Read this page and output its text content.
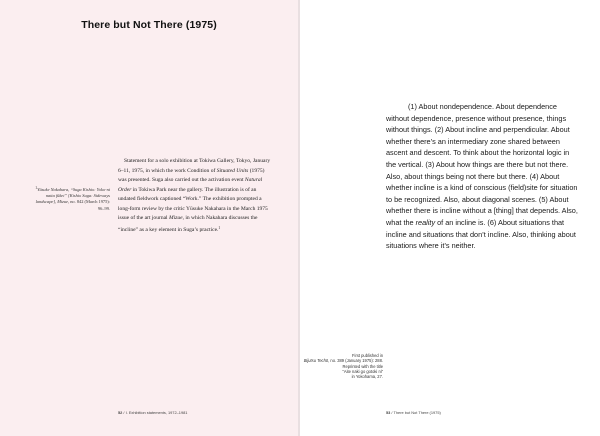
There but Not There (1975)
$^1$Yūsuke Nakahara, “Suga Kishio: Yoko-ni natta fūkei” [Kishio Suga: Sideways landscape], Mizue, no. 842 (March 1975): 96–99.

Statement for a solo exhibition at Tokiwa Gallery, Tokyo, January 6–11, 1975, in which the work Condition of Situated Units (1975) was presented. Suga also carried out the activation event Natural Order in Tokiwa Park near the gallery. The illustration is of an undated fieldwork captioned “Work.” The exhibition prompted a long-form review by the critic Yūsuke Nakahara in the March 1975 issue of the art journal Mizue, in which Nakahara discusses the “incline” as a key element in Suga’s practice.$^1$

52 / I. Exhibition statements, 1972–1981

(1) About nondependence. About dependence without dependence, presence without presence, things without things. (2) About incline and perpendicular. About whether there’s an intermediary zone shared between ascent and descent. To think about the horizontal logic in the vertical. (3) About how things are there but not there. Also, about things being not there but there. (4) About whether incline is a kind of conscious (field)site for situation to be recognized. Also, about diagonal scenes. (5) About whether there is incline without a [thing] that depends. Also, what the reality of an incline is. (6) About situations that incline and situations that don’t incline. Also, thinking about situations where it’s neither.

First published in
Bijutsu Techō, no. 389 (January 1975): 288.
Reprinted with the title
“Aite naki go gotoki ni”
in Yokohama, 27.
53 / There but Not There (1975)
